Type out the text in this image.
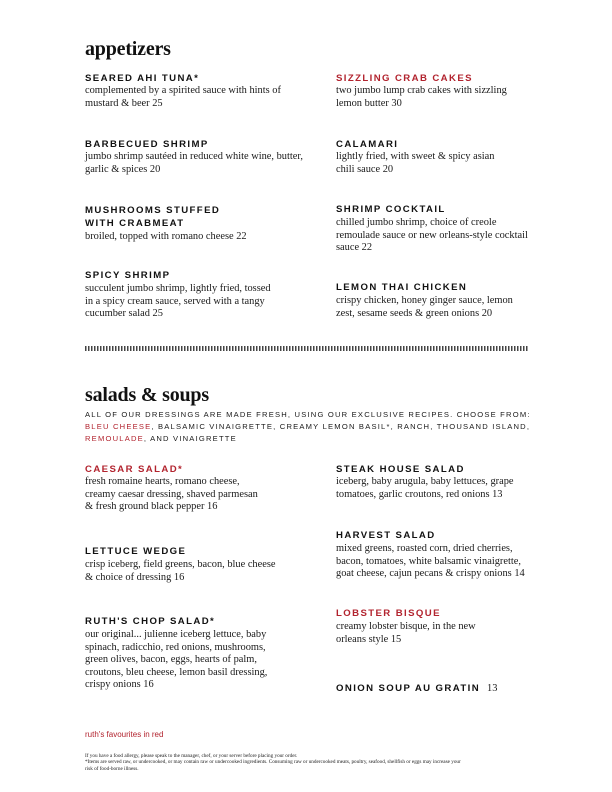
appetizers
SEARED AHI TUNA*
complemented by a spirited sauce with hints of
mustard & beer 25
BARBECUED SHRIMP
jumbo shrimp sautéed in reduced white wine, butter,
garlic & spices 20
MUSHROOMS STUFFED
WITH CRABMEAT
broiled, topped with romano cheese 22
SPICY SHRIMP
succulent jumbo shrimp, lightly fried, tossed
in a spicy cream sauce, served with a tangy
cucumber salad 25
SIZZLING CRAB CAKES
two jumbo lump crab cakes with sizzling
lemon butter 30
CALAMARI
lightly fried, with sweet & spicy asian
chili sauce 20
SHRIMP COCKTAIL
chilled jumbo shrimp, choice of creole
remoulade sauce or new orleans-style cocktail
sauce 22
LEMON THAI CHICKEN
crispy chicken, honey ginger sauce, lemon
zest, sesame seeds & green onions 20
salads & soups
ALL OF OUR DRESSINGS ARE MADE FRESH, USING OUR EXCLUSIVE RECIPES. CHOOSE FROM:
BLEU CHEESE, BALSAMIC VINAIGRETTE, CREAMY LEMON BASIL*, RANCH, THOUSAND ISLAND,
REMOULADE, AND VINAIGRETTE
CAESAR SALAD*
fresh romaine hearts, romano cheese,
creamy caesar dressing, shaved parmesan
& fresh ground black pepper 16
LETTUCE WEDGE
crisp iceberg, field greens, bacon, blue cheese
& choice of dressing 16
RUTH'S CHOP SALAD*
our original... julienne iceberg lettuce, baby
spinach, radicchio, red onions, mushrooms,
green olives, bacon, eggs, hearts of palm,
croutons, bleu cheese, lemon basil dressing,
crispy onions 16
STEAK HOUSE SALAD
iceberg, baby arugula, baby lettuces, grape
tomatoes, garlic croutons, red onions 13
HARVEST SALAD
mixed greens, roasted corn, dried cherries,
bacon, tomatoes, white balsamic vinaigrette,
goat cheese, cajun pecans & crispy onions 14
LOBSTER BISQUE
creamy lobster bisque, in the new
orleans style 15
ONION SOUP AU GRATIN 13
ruth's favourites in red
If you have a food allergy, please speak to the manager, chef, or your server before placing your order.
*Items are served raw, or undercooked, or may contain raw or undercooked ingredients. Consuming raw or undercooked meats, poultry, seafood, shellfish or eggs may increase your
risk of food-borne illness.
